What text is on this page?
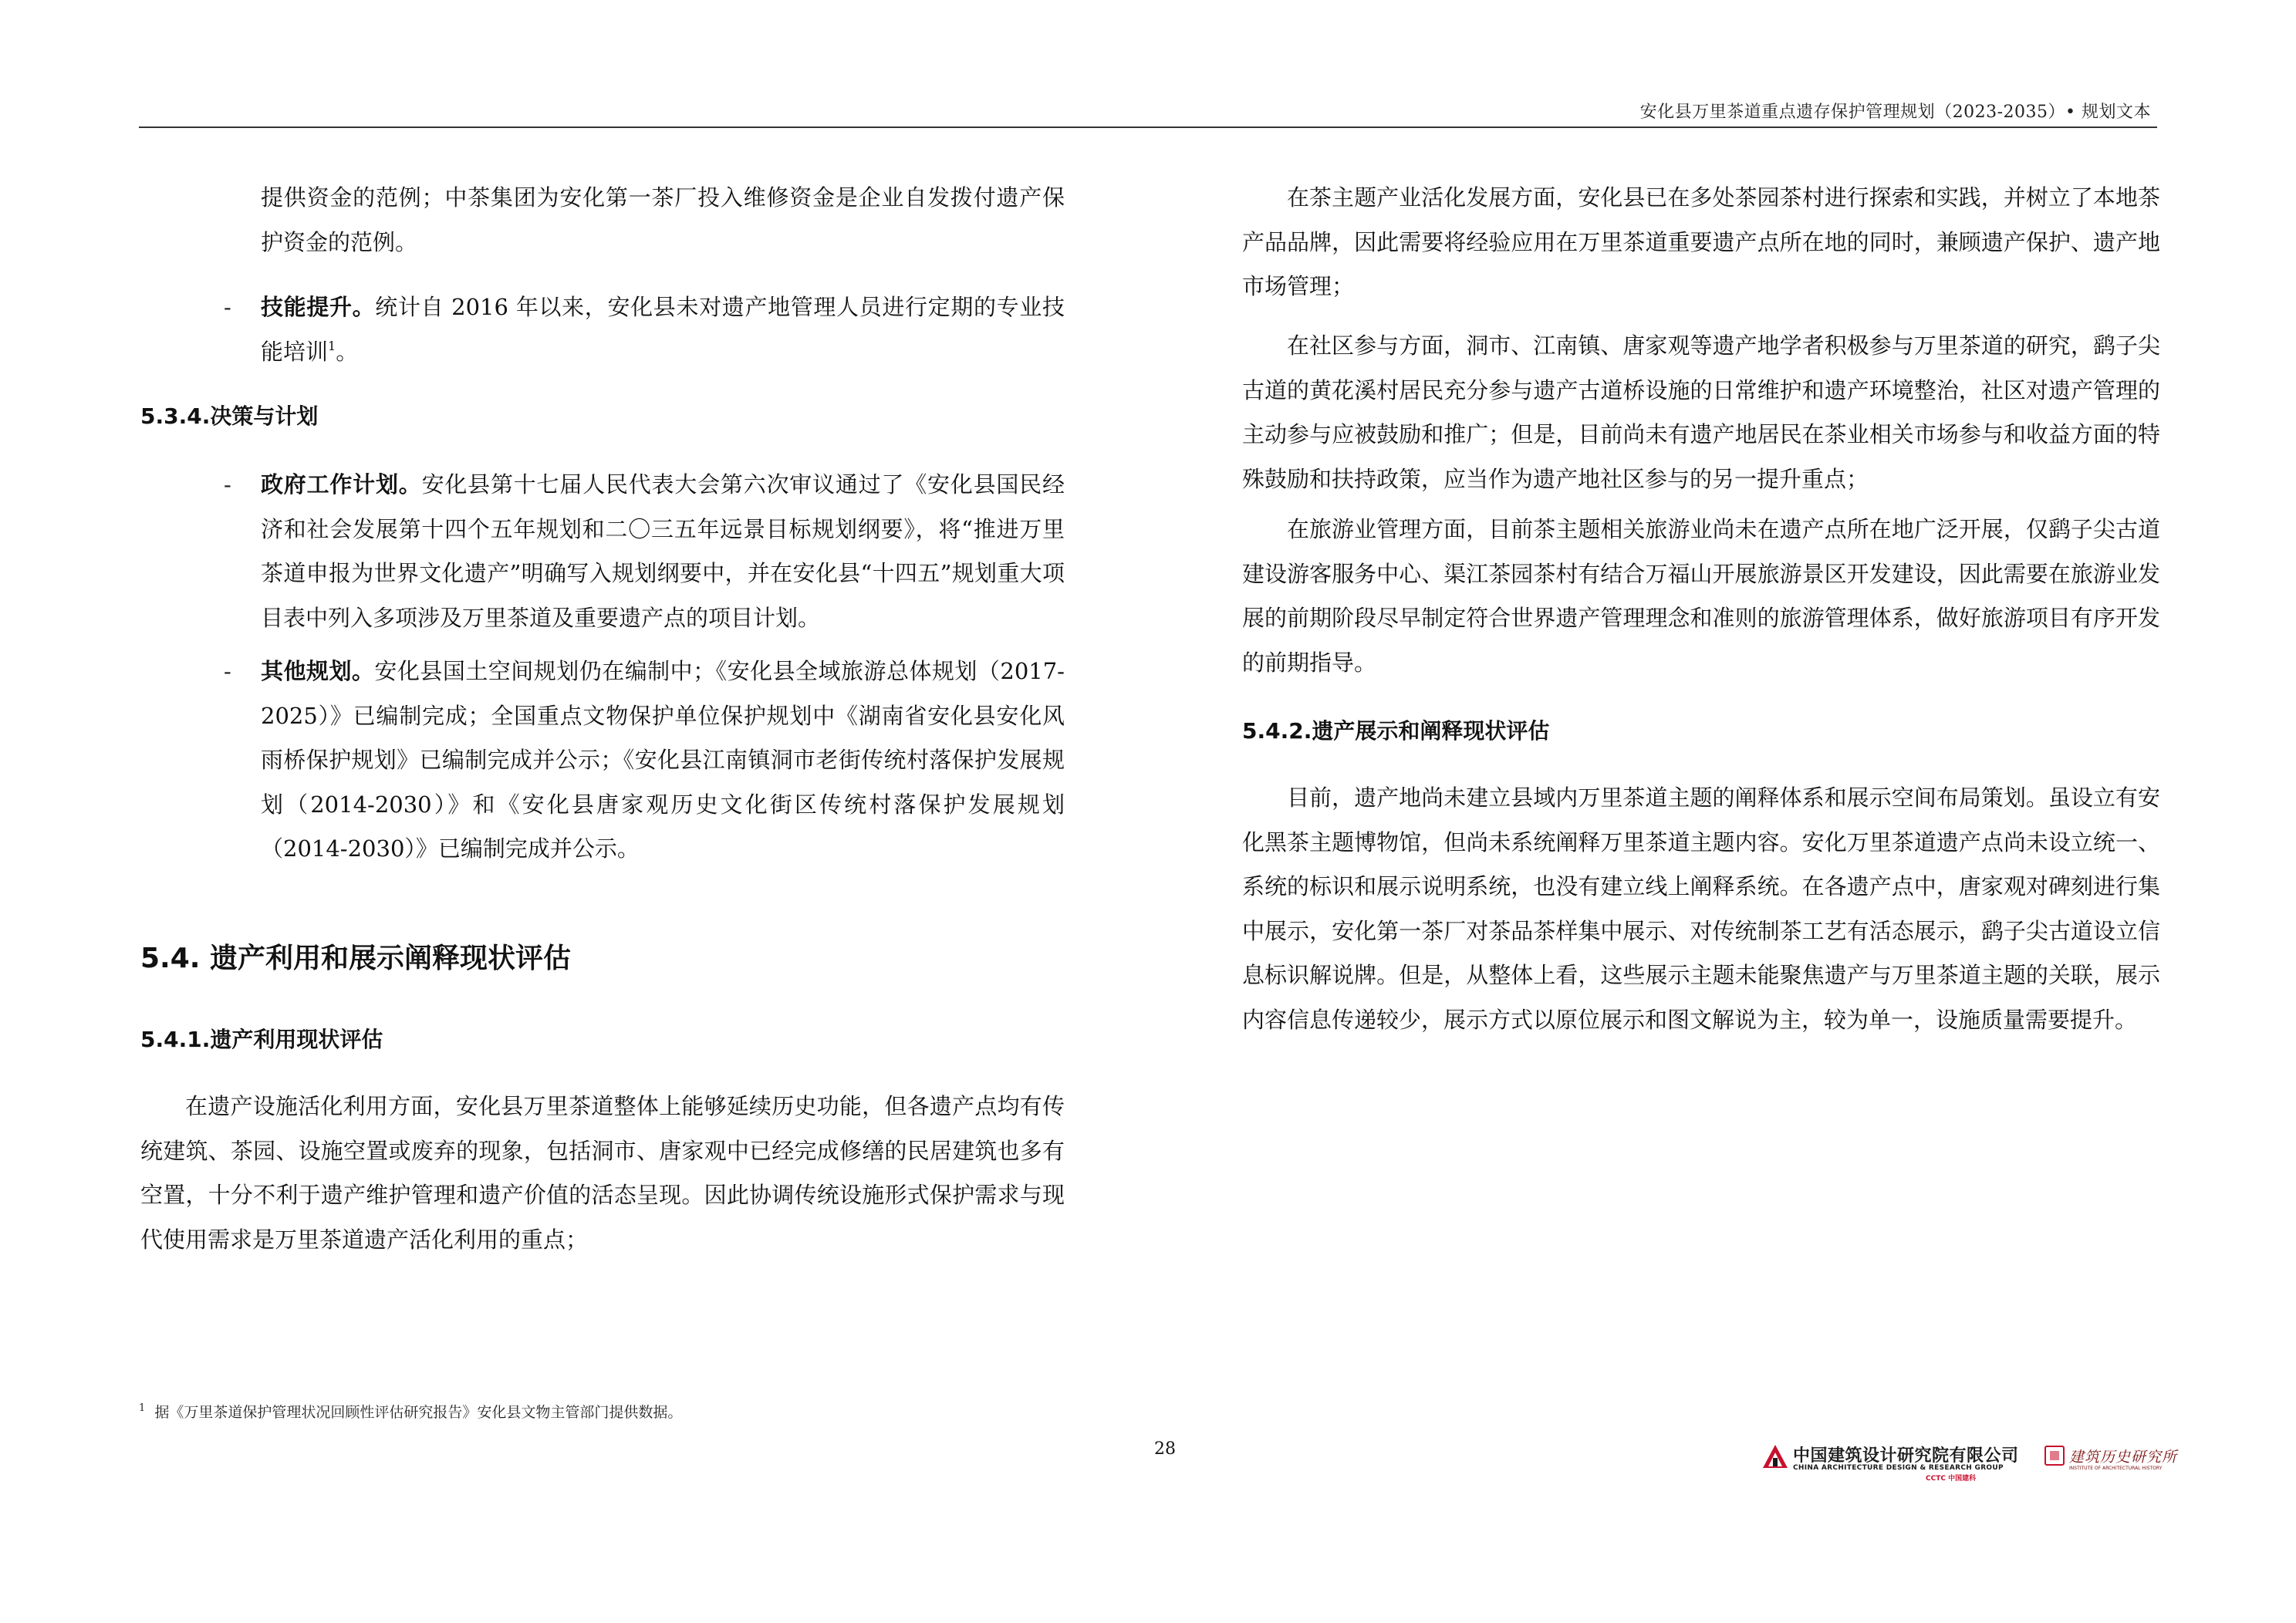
安化县万里茶道重点遗存保护管理规划（2023-2035）• 规划文本

提供资金的范例；中茶集团为安化第一茶厂投入维修资金是企业自发拨付遗产保护资金的范例。

- 技能提升。统计自 2016 年以来，安化县未对遗产地管理人员进行定期的专业技能培训$^1$。

5.3.4.决策与计划
- 政府工作计划。安化县第十七届人民代表大会第六次审议通过了《安化县国民经济和社会发展第十四个五年规划和二〇三五年远景目标规划纲要》，将“推进万里茶道申报为世界文化遗产”明确写入规划纲要中，并在安化县“十四五”规划重大项目表中列入多项涉及万里茶道及重要遗产点的项目计划。

- 其他规划。安化县国土空间规划仍在编制中；《安化县全域旅游总体规划（2017-2025）》已编制完成；全国重点文物保护单位保护规划中《湖南省安化县安化风雨桥保护规划》已编制完成并公示；《安化县江南镇洞市老街传统村落保护发展规划（2014-2030）》和《安化县唐家观历史文化街区传统村落保护发展规划（2014-2030）》已编制完成并公示。

5.4. 遗产利用和展示阐释现状评估
5.4.1.遗产利用现状评估

在遗产设施活化利用方面，安化县万里茶道整体上能够延续历史功能，但各遗产点均有传统建筑、茶园、设施空置或废弃的现象，包括洞市、唐家观中已经完成修缮的民居建筑也多有空置，十分不利于遗产维护管理和遗产价值的活态呈现。因此协调传统设施形式保护需求与现代使用需求是万里茶道遗产活化利用的重点；

在茶主题产业活化发展方面，安化县已在多处茶园茶村进行探索和实践，并树立了本地茶产品品牌，因此需要将经验应用在万里茶道重要遗产点所在地的同时，兼顾遗产保护、遗产地市场管理；

在社区参与方面，洞市、江南镇、唐家观等遗产地学者积极参与万里茶道的研究，鹞子尖古道的黄花溪村居民充分参与遗产古道桥设施的日常维护和遗产环境整治，社区对遗产管理的主动参与应被鼓励和推广；但是，目前尚未有遗产地居民在茶业相关市场参与和收益方面的特殊鼓励和扶持政策，应当作为遗产地社区参与的另一提升重点；

在旅游业管理方面，目前茶主题相关旅游业尚未在遗产点所在地广泛开展，仅鹞子尖古道建设游客服务中心、渠江茶园茶村有结合万福山开展旅游景区开发建设，因此需要在旅游业发展的前期阶段尽早制定符合世界遗产管理理念和准则的旅游管理体系，做好旅游项目有序开发的前期指导。

5.4.2.遗产展示和阐释现状评估

目前，遗产地尚未建立县域内万里茶道主题的阐释体系和展示空间布局策划。虽设立有安化黑茶主题博物馆，但尚未系统阐释万里茶道主题内容。安化万里茶道遗产点尚未设立统一、系统的标识和展示说明系统，也没有建立线上阐释系统。在各遗产点中，唐家观对碑刻进行集中展示，安化第一茶厂对茶品茶样集中展示、对传统制茶工艺有活态展示，鹞子尖古道设立信息标识解说牌。但是，从整体上看，这些展示主题未能聚焦遗产与万里茶道主题的关联，展示内容信息传递较少，展示方式以原位展示和图文解说为主，较为单一，设施质量需要提升。

$^1$ 据《万里茶道保护管理状况回顾性评估研究报告》安化县文物主管部门提供数据。
28	中国建筑设计研究院有限公司
CHINA ARCHITECTURE DESIGN & RESEARCH GROUP
CCTC 中国建科
建筑历史研究所
INSTITUTE OF ARCHITECTURAL HISTORY
